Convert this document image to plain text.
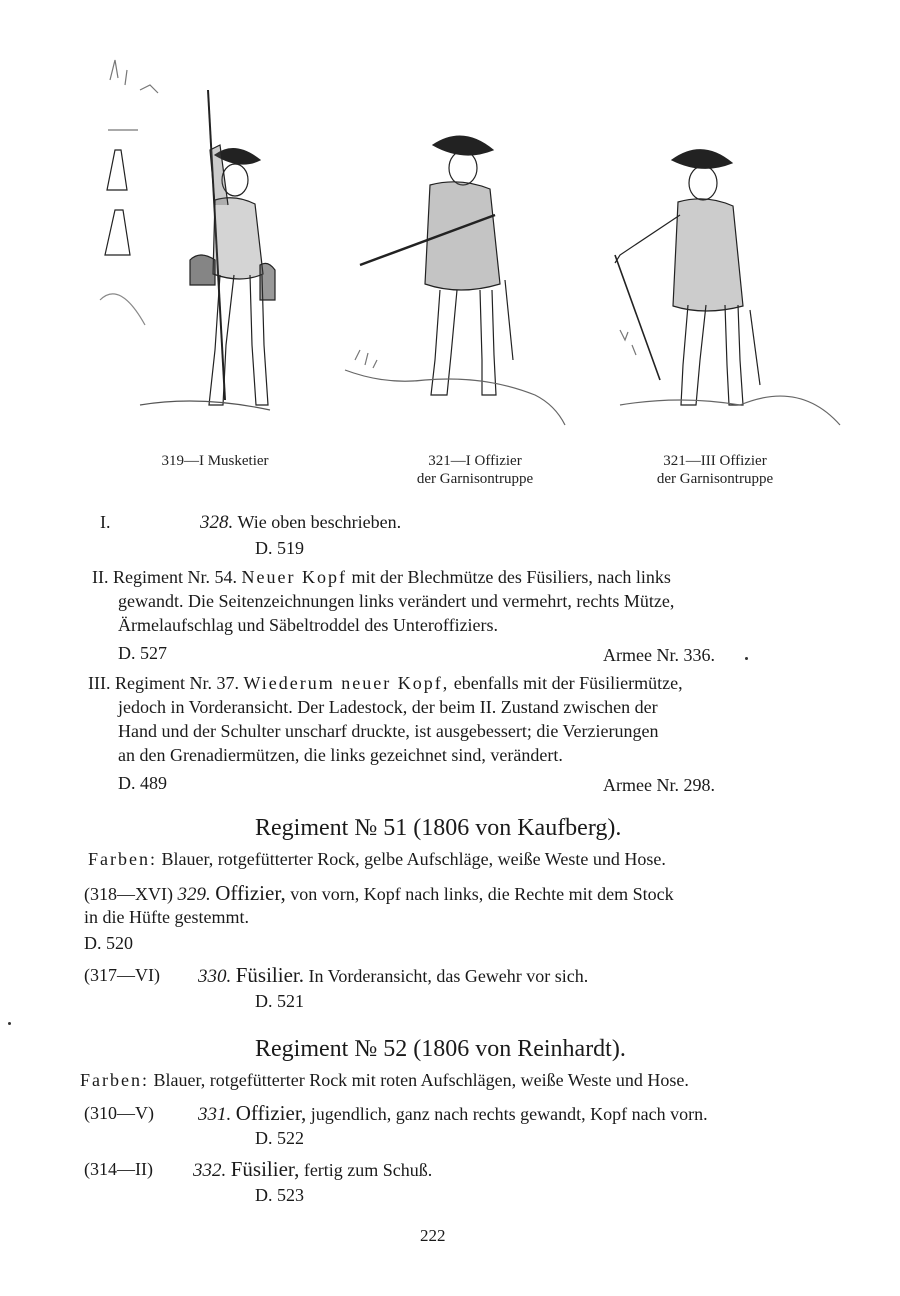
319—I Musketier	321—I Offizier
der Garnisontruppe
321—III Offizier
der Garnisontruppe
I.	328. Wie oben beschrieben.
D. 519
II. Regiment Nr. 54. Neuer Kopf mit der Blechmütze des Füsiliers, nach links
gewandt. Die Seitenzeichnungen links verändert und vermehrt, rechts Mütze,
Ärmelaufschlag und Säbeltroddel des Unteroffiziers.
D. 527	Armee Nr. 336.
III. Regiment Nr. 37. Wiederum neuer Kopf, ebenfalls mit der Füsiliermütze,
jedoch in Vorderansicht. Der Ladestock, der beim II. Zustand zwischen der
Hand und der Schulter unscharf druckte, ist ausgebessert; die Verzierungen
an den Grenadiermützen, die links gezeichnet sind, verändert.
D. 489	Armee Nr. 298.
Regiment № 51 (1806 von Kaufberg).
Farben: Blauer, rotgefütterter Rock, gelbe Aufschläge, weiße Weste und Hose.
(318—XVI) 329. Offizier, von vorn, Kopf nach links, die Rechte mit dem Stock
in die Hüfte gestemmt.
D. 520
(317—VI) 330. Füsilier. In Vorderansicht, das Gewehr vor sich.
D. 521
Regiment № 52 (1806 von Reinhardt).
Farben: Blauer, rotgefütterter Rock mit roten Aufschlägen, weiße Weste und Hose.
(310—V) 331. Offizier, jugendlich, ganz nach rechts gewandt, Kopf nach vorn.
D. 522
(314—II) 332. Füsilier, fertig zum Schuß.
D. 523
222
